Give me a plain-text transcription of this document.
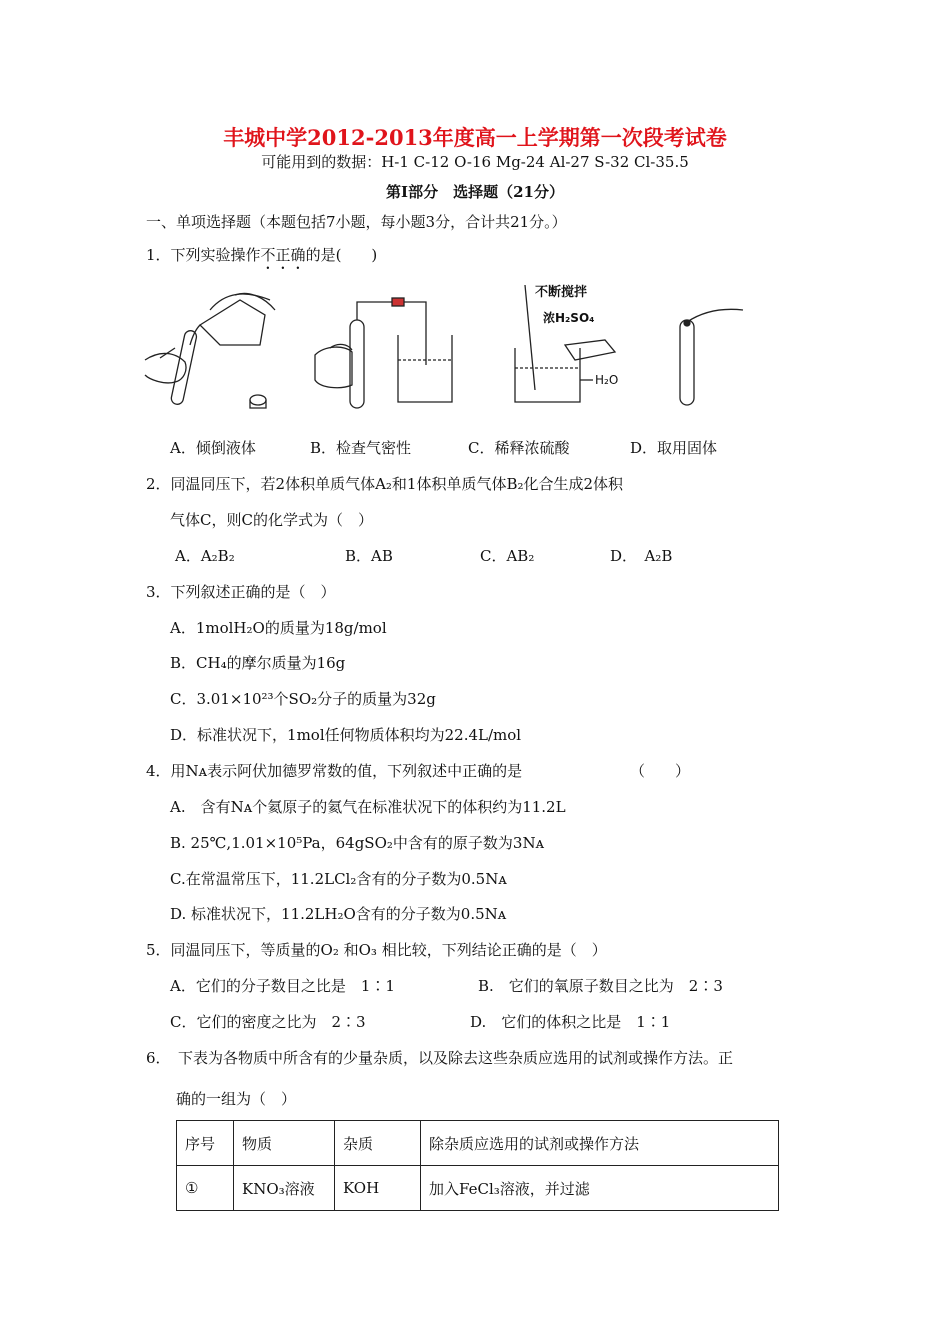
丰城中学2012-2013年度高一上学期第一次段考试卷
可能用到的数据：H-1 C-12 O-16 Mg-24 Al-27 S-32 Cl-35.5
第Ⅰ部分　选择题（21分）
一、单项选择题（本题包括7小题，每小题3分，合计共21分。）
1．下列实验操作不正确的是(　　)
不断搅拌
浓H₂SO₄
H₂O
A．倾倒液体	B．检查气密性	C．稀释浓硫酸	D．取用固体
2．同温同压下，若2体积单质气体A₂和1体积单质气体B₂化合生成2体积
气体C，则C的化学式为（　）
A．A₂B₂	B．AB	C．AB₂	D．　A₂B
3．下列叙述正确的是（　）
A．1molH₂O的质量为18g/mol
B．CH₄的摩尔质量为16g
C．3.01×10²³个SO₂分子的质量为32g
D．标准状况下，1mol任何物质体积均为22.4L/mol
4．用Nᴀ表示阿伏加德罗常数的值，下列叙述中正确的是	（　　）
A.　含有Nᴀ个氦原子的氦气在标准状况下的体积约为11.2L
B. 25℃,1.01×10⁵Pa，64gSO₂中含有的原子数为3Nᴀ
C.在常温常压下，11.2LCl₂含有的分子数为0.5Nᴀ
D. 标准状况下，11.2LH₂O含有的分子数为0.5Nᴀ
5．同温同压下，等质量的O₂ 和O₃ 相比较，下列结论正确的是（　）
A．它们的分子数目之比是　1∶1	B.　它们的氧原子数目之比为　2∶3
C．它们的密度之比为　2∶3	D.　它们的体积之比是　1∶1
6．　下表为各物质中所含有的少量杂质，以及除去这些杂质应选用的试剂或操作方法。正
确的一组为（　）
序号	物质	杂质	除杂质应选用的试剂或操作方法
①	KNO₃溶液	KOH	加入FeCl₃溶液，并过滤
